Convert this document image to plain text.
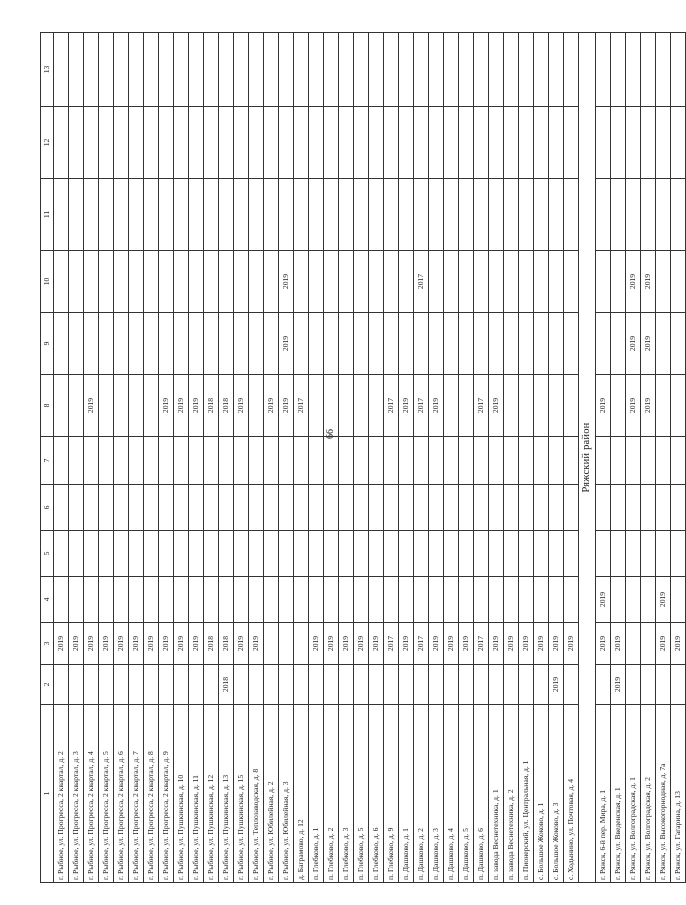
66
1	2	3	4	5	6	7	8	9	10	11	12	13
г. Рыбное, ул. Прогресса, 2 квартал, д. 2		2019										
г. Рыбное, ул. Прогресса, 2 квартал, д. 3		2019										
г. Рыбное, ул. Прогресса, 2 квартал, д. 4		2019					2019					
г. Рыбное, ул. Прогресса, 2 квартал, д. 5		2019										
г. Рыбное, ул. Прогресса, 2 квартал, д. 6		2019										
г. Рыбное, ул. Прогресса, 2 квартал, д. 7		2019										
г. Рыбное, ул. Прогресса, 2 квартал, д. 8		2019										
г. Рыбное, ул. Прогресса, 2 квартал, д. 9		2019					2019					
г. Рыбное, ул. Пушкинская, д. 10		2019					2019					
г. Рыбное, ул. Пушкинская, д. 11		2019					2019					
г. Рыбное, ул. Пушкинская, д. 12		2018					2018					
г. Рыбное, ул. Пушкинская, д. 13	2018	2018					2018					
г. Рыбное, ул. Пушкинская, д. 15		2019					2019					
г. Рыбное, ул. Теплозаводская, д. 8		2019										
г. Рыбное, ул. Юбилейная, д. 2							2019					
г. Рыбное, ул. Юбилейная, д. 3							2019	2019	2019			
д. Баграмово, д. 12							2017					
п. Глебково, д. 1		2019										
п. Глебково, д. 2		2019										
п. Глебково, д. 3		2019										
п. Глебково, д. 5		2019										
п. Глебково, д. 6		2019										
п. Глебково, д. 9		2017					2017					
п. Дашково, д. 1		2019					2019					
п. Дашково, д. 2		2017					2017		2017			
п. Дашково, д. 3		2019					2019					
п. Дашково, д. 4		2019										
п. Дашково, д. 5		2019										
п. Дашково, д. 6		2017					2017					
п. завода Веснетехника, д. 1		2019					2019					
п. завода Веснетехника, д. 2		2019										
п. Пионерский, ул. Центральная, д. 1		2019										
с. Большое Жоково, д. 1		2019										
с. Большое Жоково, д. 3	2019	2019										
с. Ходынино, ул. Почтовая, д. 4		2019										
Ряжский район												
г. Ряжск, 6-й пер. Мира, д. 1		2019	2019				2019					
г. Ряжск, ул. Введенская, д. 1	2019	2019										
г. Ряжск, ул. Волгоградская, д. 1							2019	2019	2019			
г. Ряжск, ул. Волгоградская, д. 2							2019	2019	2019			
г. Ряжск, ул. Высокогорнодная, д. 7а		2019	2019									
г. Ряжск, ул. Гагарина, д. 13		2019										
